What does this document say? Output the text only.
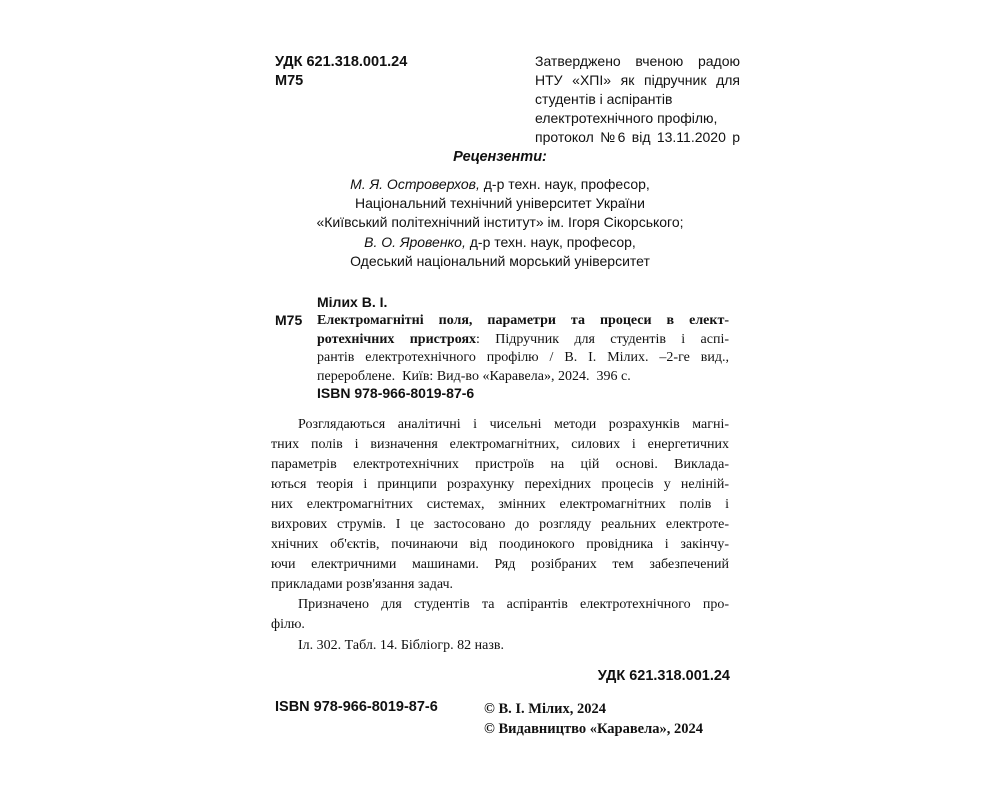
УДК 621.318.001.24
М75
Затверджено вченою радою
НТУ «ХПІ» як підручник для
студентів і аспірантів
електротехнічного профілю,
протокол №6 від 13.11.2020 р
Рецензенти:
М. Я. Островерхов, д-р техн. наук, професор,
Національний технічний університет України
«Київський політехнічний інститут» ім. Ігоря Сікорського;
В. О. Яровенко, д-р техн. наук, професор,
Одеський національний морський університет
Мілих В. І.
М75 Електромагнітні поля, параметри та процеси в елект-
ротехнічних пристроях: Підручник для студентів і аспі-
рантів електротехнічного профілю / В. І. Мілих. –2-ге вид.,
перероблене.  Київ: Вид-во «Каравела», 2024.  396 с.
ISBN 978-966-8019-87-6
Розглядаються аналітичні і чисельні методи розрахунків магні-
тних полів і визначення електромагнітних, силових і енергетичних
параметрів електротехнічних пристроїв на цій основі. Виклада-
ються теорія і принципи розрахунку перехідних процесів у неліній-
них електромагнітних системах, змінних електромагнітних полів і
вихрових струмів. І це застосовано до розгляду реальних електроте-
хнічних об'єктів, починаючи від поодинокого провідника і закінчу-
ючи електричними машинами. Ряд розібраних тем забезпечений
прикладами розв'язання задач.
Призначено для студентів та аспірантів електротехнічного про-
філю.
Іл. 302. Табл. 14. Бібліогр. 82 назв.
УДК 621.318.001.24
ISBN 978-966-8019-87-6	© В. І. Мілих, 2024
© Видавництво «Каравела», 2024
